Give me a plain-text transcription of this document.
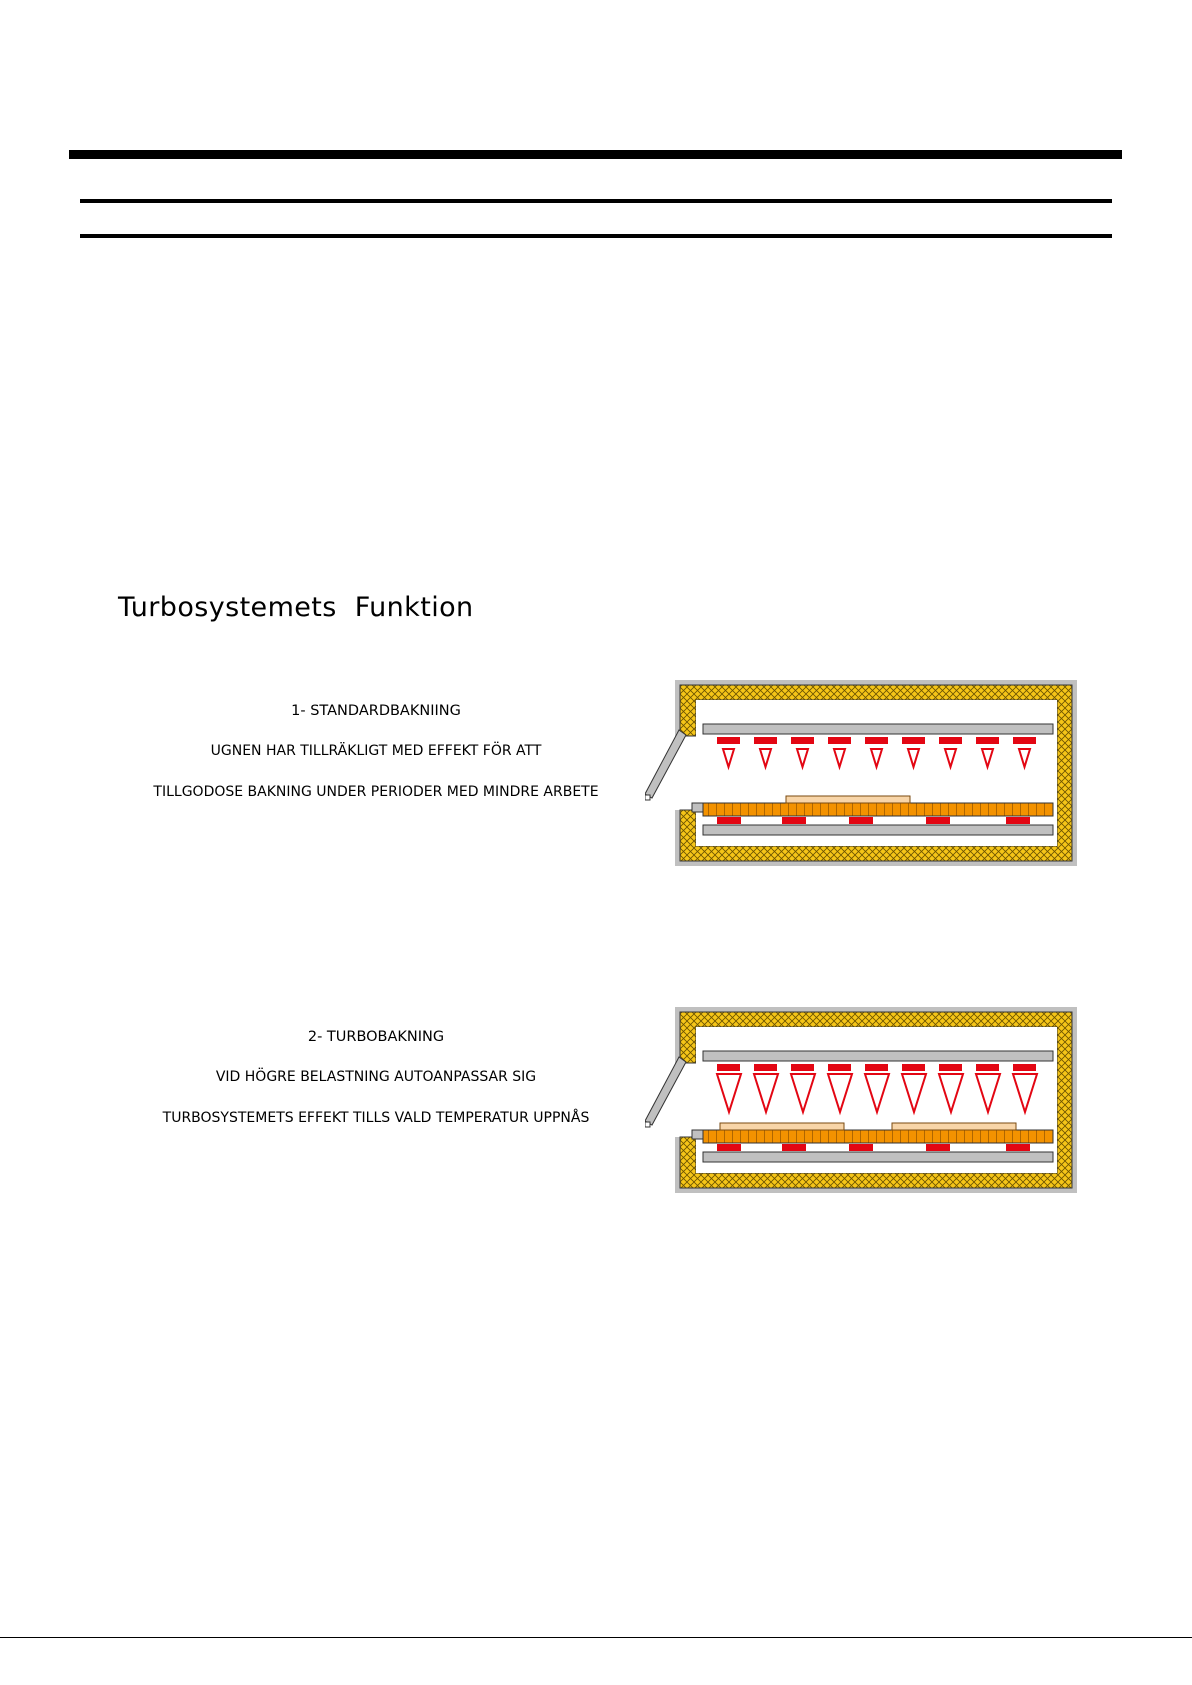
Turbosystemets  Funktion

1- STANDARDBAKNIING

UGNEN HAR TILLRÄKLIGT MED EFFEKT FÖR ATT

TILLGODOSE BAKNING UNDER PERIODER MED MINDRE ARBETE

2- TURBOBAKNING

VID HÖGRE BELASTNING AUTOANPASSAR SIG

TURBOSYSTEMETS EFFEKT TILLS VALD TEMPERATUR UPPNÅS
